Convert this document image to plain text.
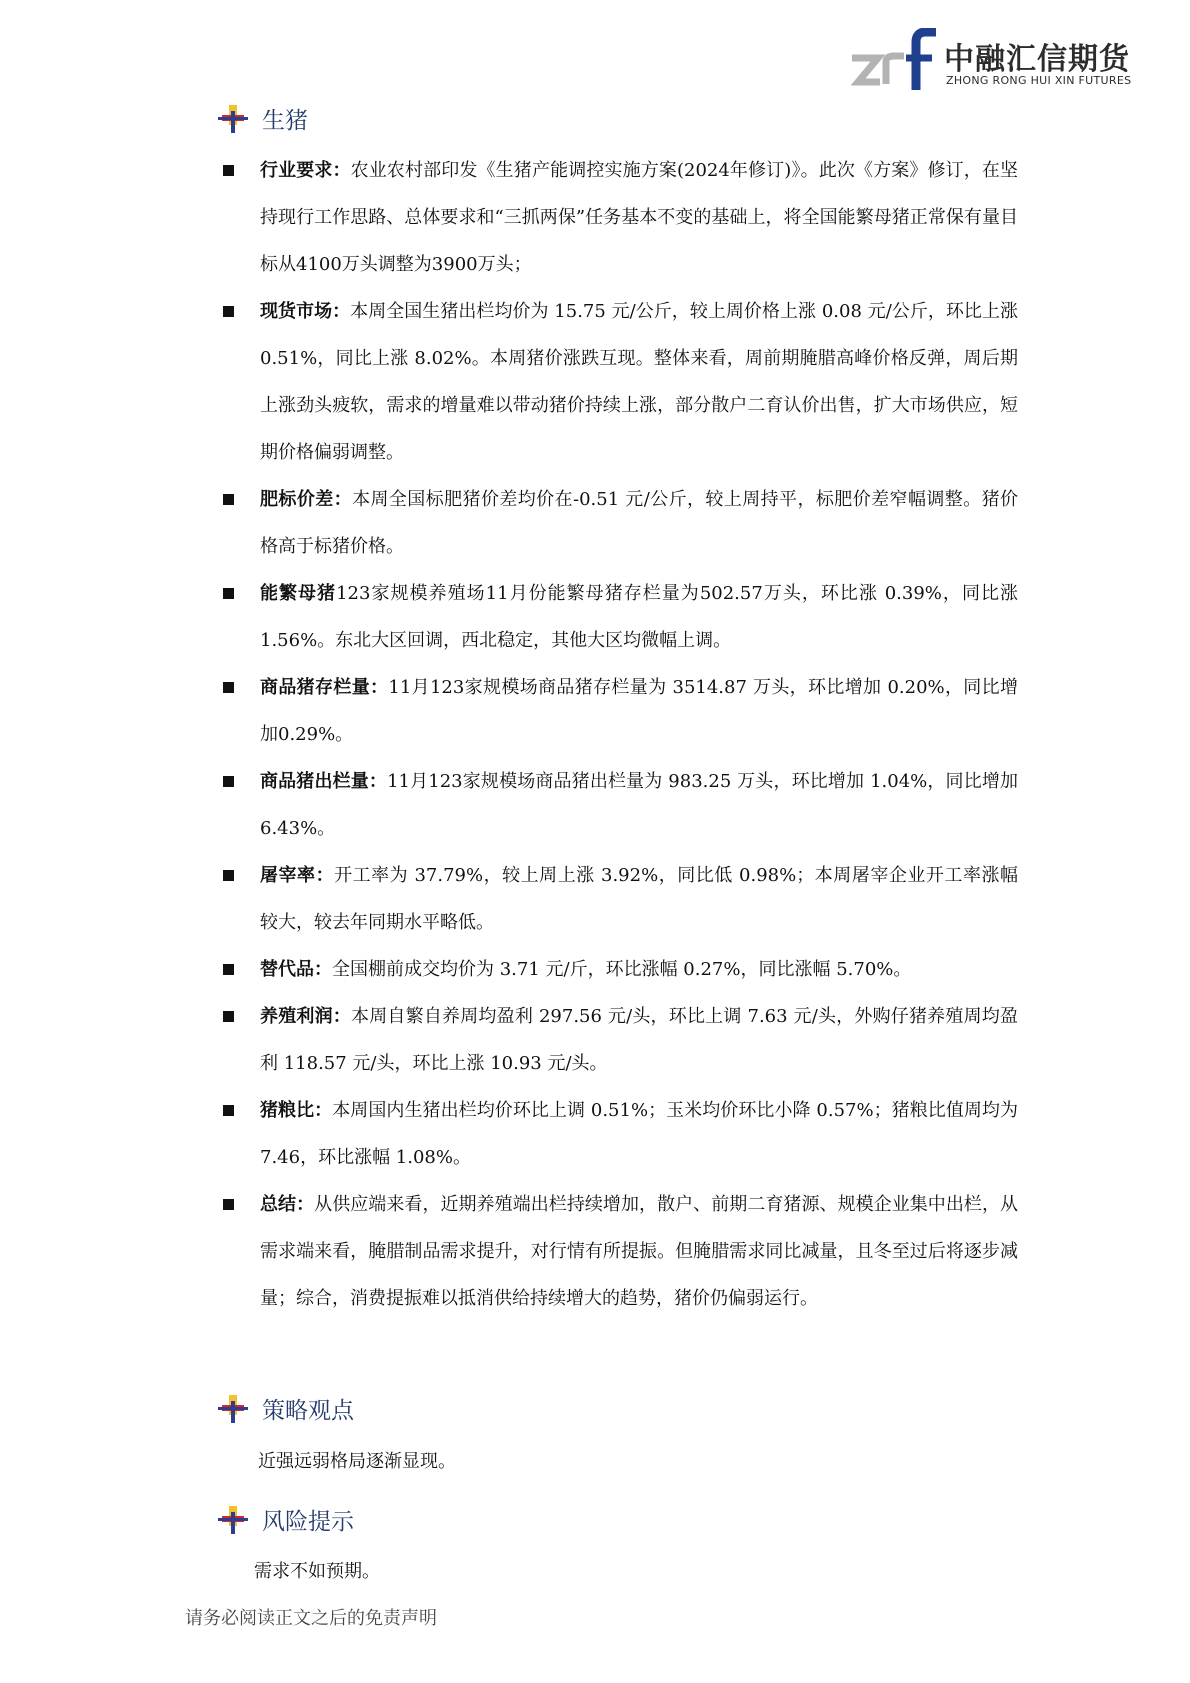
中融汇信期货
ZHONG RONG HUI XIN FUTURES
生猪
行业要求：农业农村部印发《生猪产能调控实施方案(2024年修订)》。此次《方案》修订，在坚持现行工作思路、总体要求和“三抓两保”任务基本不变的基础上，将全国能繁母猪正常保有量目标从4100万头调整为3900万头；
现货市场：本周全国生猪出栏均价为 15.75 元/公斤，较上周价格上涨 0.08 元/公斤，环比上涨 0.51%，同比上涨 8.02%。本周猪价涨跌互现。整体来看，周前期腌腊高峰价格反弹，周后期上涨劲头疲软，需求的增量难以带动猪价持续上涨，部分散户二育认价出售，扩大市场供应，短期价格偏弱调整。
肥标价差：本周全国标肥猪价差均价在-0.51 元/公斤，较上周持平，标肥价差窄幅调整。猪价格高于标猪价格。
能繁母猪123家规模养殖场11月份能繁母猪存栏量为502.57万头，环比涨 0.39%，同比涨 1.56%。东北大区回调，西北稳定，其他大区均微幅上调。
商品猪存栏量：11月123家规模场商品猪存栏量为 3514.87 万头，环比增加 0.20%，同比增加0.29%。
商品猪出栏量：11月123家规模场商品猪出栏量为 983.25 万头，环比增加 1.04%，同比增加6.43%。
屠宰率：开工率为 37.79%，较上周上涨 3.92%，同比低 0.98%；本周屠宰企业开工率涨幅较大，较去年同期水平略低。
替代品：全国棚前成交均价为 3.71 元/斤，环比涨幅 0.27%，同比涨幅 5.70%。
养殖利润：本周自繁自养周均盈利 297.56 元/头，环比上调 7.63 元/头，外购仔猪养殖周均盈利 118.57 元/头，环比上涨 10.93 元/头。
猪粮比：本周国内生猪出栏均价环比上调 0.51%；玉米均价环比小降 0.57%；猪粮比值周均为 7.46，环比涨幅 1.08%。
总结：从供应端来看，近期养殖端出栏持续增加，散户、前期二育猪源、规模企业集中出栏，从需求端来看，腌腊制品需求提升，对行情有所提振。但腌腊需求同比减量，且冬至过后将逐步减量；综合，消费提振难以抵消供给持续增大的趋势，猪价仍偏弱运行。
策略观点
近强远弱格局逐渐显现。
风险提示
需求不如预期。
请务必阅读正文之后的免责声明
